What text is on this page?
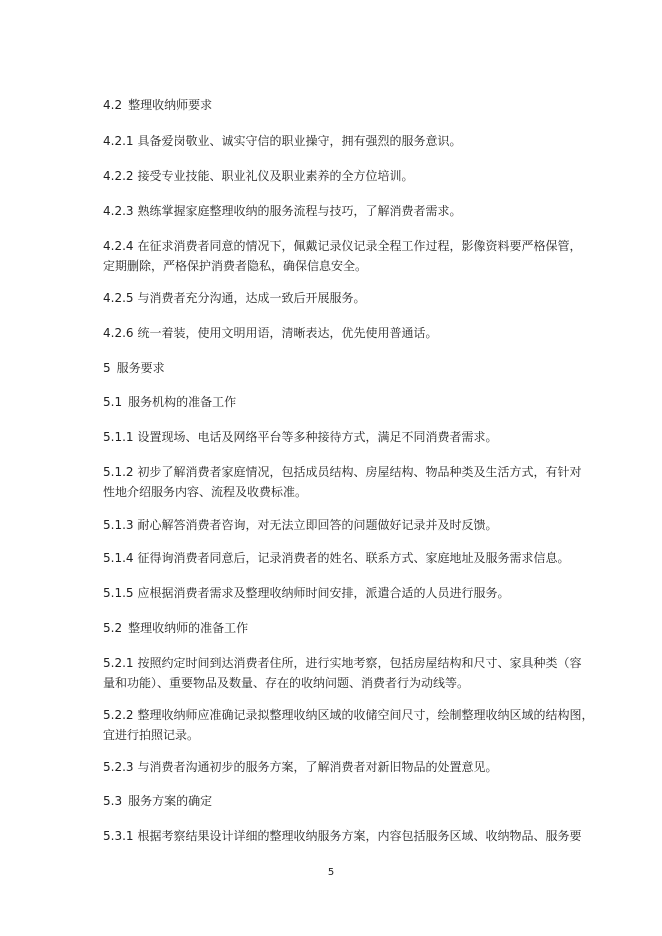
4.2 整理收纳师要求
4.2.1 具备爱岗敬业、诚实守信的职业操守，拥有强烈的服务意识。
4.2.2 接受专业技能、职业礼仪及职业素养的全方位培训。
4.2.3 熟练掌握家庭整理收纳的服务流程与技巧，了解消费者需求。
4.2.4 在征求消费者同意的情况下，佩戴记录仪记录全程工作过程，影像资料要严格保管，
定期删除，严格保护消费者隐私，确保信息安全。
4.2.5 与消费者充分沟通，达成一致后开展服务。
4.2.6 统一着装，使用文明用语，清晰表达，优先使用普通话。
5 服务要求
5.1 服务机构的准备工作
5.1.1 设置现场、电话及网络平台等多种接待方式，满足不同消费者需求。
5.1.2 初步了解消费者家庭情况，包括成员结构、房屋结构、物品种类及生活方式，有针对
性地介绍服务内容、流程及收费标准。
5.1.3 耐心解答消费者咨询，对无法立即回答的问题做好记录并及时反馈。
5.1.4 征得询消费者同意后，记录消费者的姓名、联系方式、家庭地址及服务需求信息。
5.1.5 应根据消费者需求及整理收纳师时间安排，派遣合适的人员进行服务。
5.2 整理收纳师的准备工作
5.2.1 按照约定时间到达消费者住所，进行实地考察，包括房屋结构和尺寸、家具种类（容
量和功能）、重要物品及数量、存在的收纳问题、消费者行为动线等。
5.2.2 整理收纳师应准确记录拟整理收纳区域的收储空间尺寸，绘制整理收纳区域的结构图，
宜进行拍照记录。
5.2.3 与消费者沟通初步的服务方案，了解消费者对新旧物品的处置意见。
5.3 服务方案的确定
5.3.1 根据考察结果设计详细的整理收纳服务方案，内容包括服务区域、收纳物品、服务要
5
